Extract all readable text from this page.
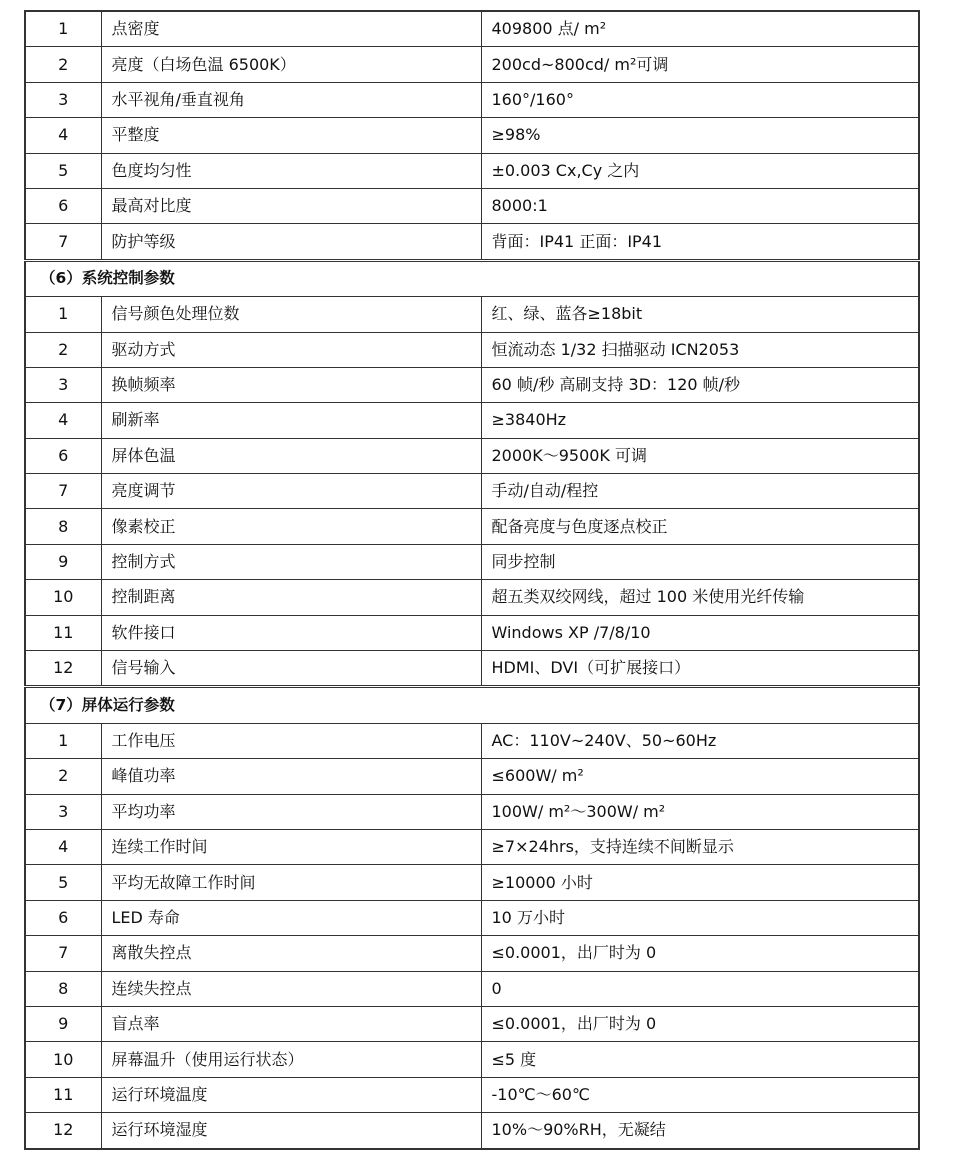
1	点密度	409800 点/ m²
2	亮度（白场色温 6500K）	200cd~800cd/ m²可调
3	水平视角/垂直视角	160°/160°
4	平整度	≥98%
5	色度均匀性	±0.003 Cx,Cy 之内
6	最高对比度	8000:1
7	防护等级	背面：IP41 正面：IP41
（6）系统控制参数		
1	信号颜色处理位数	红、绿、蓝各≥18bit
2	驱动方式	恒流动态 1/32 扫描驱动 ICN2053
3	换帧频率	60 帧/秒 高刷支持 3D：120 帧/秒
4	刷新率	≥3840Hz
6	屏体色温	2000K～9500K 可调
7	亮度调节	手动/自动/程控
8	像素校正	配备亮度与色度逐点校正
9	控制方式	同步控制
10	控制距离	超五类双绞网线，超过 100 米使用光纤传输
11	软件接口	Windows XP /7/8/10
12	信号输入	HDMI、DVI（可扩展接口）
（7）屏体运行参数		
1	工作电压	AC：110V~240V、50~60Hz
2	峰值功率	≤600W/ m²
3	平均功率	100W/ m²～300W/ m²
4	连续工作时间	≥7×24hrs，支持连续不间断显示
5	平均无故障工作时间	≥10000 小时
6	LED 寿命	10 万小时
7	离散失控点	≤0.0001，出厂时为 0
8	连续失控点	0
9	盲点率	≤0.0001，出厂时为 0
10	屏幕温升（使用运行状态）	≤5 度
11	运行环境温度	-10℃～60℃
12	运行环境湿度	10%～90%RH，无凝结
